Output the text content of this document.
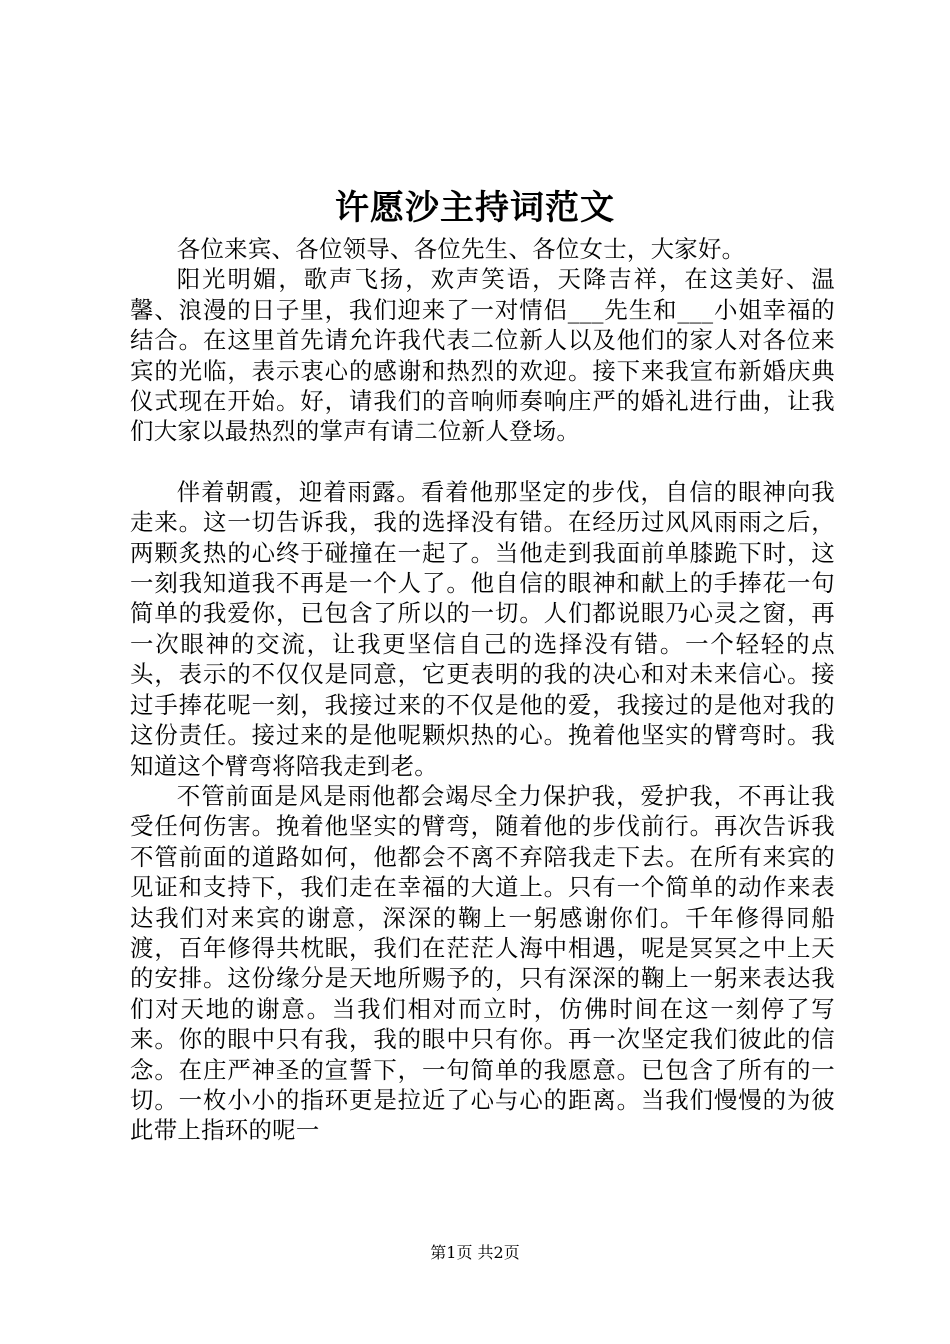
许愿沙主持词范文

各位来宾、各位领导、各位先生、各位女士，大家好。

阳光明媚，歌声飞扬，欢声笑语，天降吉祥，在这美好、温馨、浪漫的日子里，我们迎来了一对情侣___先生和___小姐幸福的结合。在这里首先请允许我代表二位新人以及他们的家人对各位来宾的光临，表示衷心的感谢和热烈的欢迎。接下来我宣布新婚庆典仪式现在开始。好，请我们的音响师奏响庄严的婚礼进行曲，让我们大家以最热烈的掌声有请二位新人登场。

伴着朝霞，迎着雨露。看着他那坚定的步伐，自信的眼神向我走来。这一切告诉我，我的选择没有错。在经历过风风雨雨之后，两颗炙热的心终于碰撞在一起了。当他走到我面前单膝跪下时，这一刻我知道我不再是一个人了。他自信的眼神和献上的手捧花一句简单的我爱你，已包含了所以的一切。人们都说眼乃心灵之窗，再一次眼神的交流，让我更坚信自己的选择没有错。一个轻轻的点头，表示的不仅仅是同意，它更表明的我的决心和对未来信心。接过手捧花呢一刻，我接过来的不仅是他的爱，我接过的是他对我的这份责任。接过来的是他呢颗炽热的心。挽着他坚实的臂弯时。我知道这个臂弯将陪我走到老。

不管前面是风是雨他都会竭尽全力保护我，爱护我，不再让我受任何伤害。挽着他坚实的臂弯，随着他的步伐前行。再次告诉我不管前面的道路如何，他都会不离不弃陪我走下去。在所有来宾的见证和支持下，我们走在幸福的大道上。只有一个简单的动作来表达我们对来宾的谢意，深深的鞠上一躬感谢你们。千年修得同船渡，百年修得共枕眠，我们在茫茫人海中相遇，呢是冥冥之中上天的安排。这份缘分是天地所赐予的，只有深深的鞠上一躬来表达我们对天地的谢意。当我们相对而立时，仿佛时间在这一刻停了写来。你的眼中只有我，我的眼中只有你。再一次坚定我们彼此的信念。在庄严神圣的宣誓下，一句简单的我愿意。已包含了所有的一切。一枚小小的指环更是拉近了心与心的距离。当我们慢慢的为彼此带上指环的呢一

第1页 共2页
